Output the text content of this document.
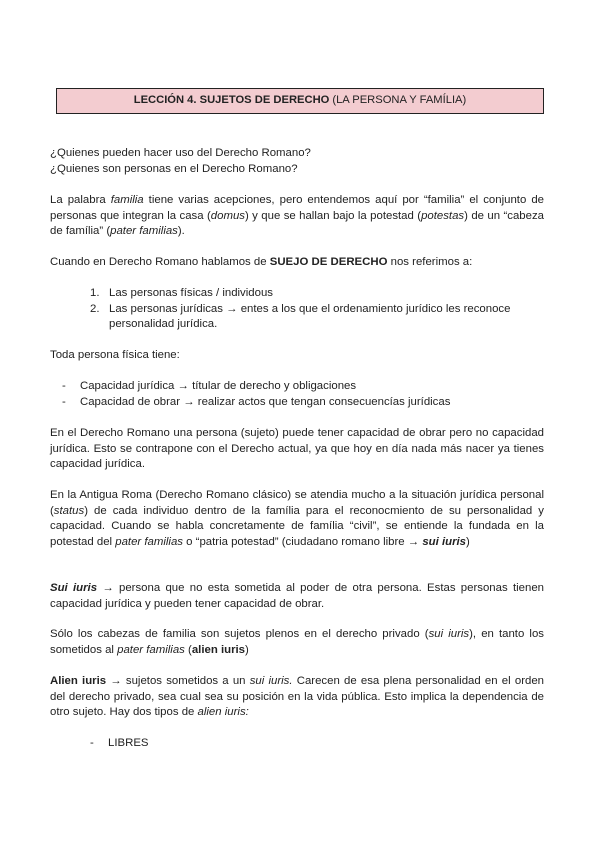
LECCIÓN 4. SUJETOS DE DERECHO (LA PERSONA Y FAMÍLIA)
¿Quienes pueden hacer uso del Derecho Romano?
¿Quienes son personas en el Derecho Romano?
La palabra familia tiene varias acepciones, pero entendemos aquí por “familia” el conjunto de personas que integran la casa (domus) y que se hallan bajo la potestad (potestas) de un “cabeza de família” (pater familias).
Cuando en Derecho Romano hablamos de SUEJO DE DERECHO nos referimos a:
1. Las personas físicas / individous
2. Las personas jurídicas → entes a los que el ordenamiento jurídico les reconoce personalidad jurídica.
Toda persona física tiene:
-	Capacidad jurídica → títular de derecho y obligaciones
-	Capacidad de obrar → realizar actos que tengan consecuencías jurídicas
En el Derecho Romano una persona (sujeto) puede tener capacidad de obrar pero no capacidad jurídica. Esto se contrapone con el Derecho actual, ya que hoy en día nada más nacer ya tienes capacidad jurídica.
En la Antigua Roma (Derecho Romano clásico) se atendia mucho a la situación jurídica personal (status) de cada individuo dentro de la família para el reconocmiento de su personalidad y capacidad. Cuando se habla concretamente de família “civil”, se entiende la fundada en la potestad del pater familias o “patria potestad” (ciudadano romano libre → sui iuris)
Sui iuris → persona que no esta sometida al poder de otra persona. Estas personas tienen capacidad jurídica y pueden tener capacidad de obrar.
Sólo los cabezas de familia son sujetos plenos en el derecho privado (sui iuris), en tanto los sometidos al pater familias (alien iuris)
Alien iuris → sujetos sometidos a un sui iuris. Carecen de esa plena personalidad en el orden del derecho privado, sea cual sea su posición en la vida pública. Esto implica la dependencia de otro sujeto. Hay dos tipos de alien iuris:
-	LIBRES
